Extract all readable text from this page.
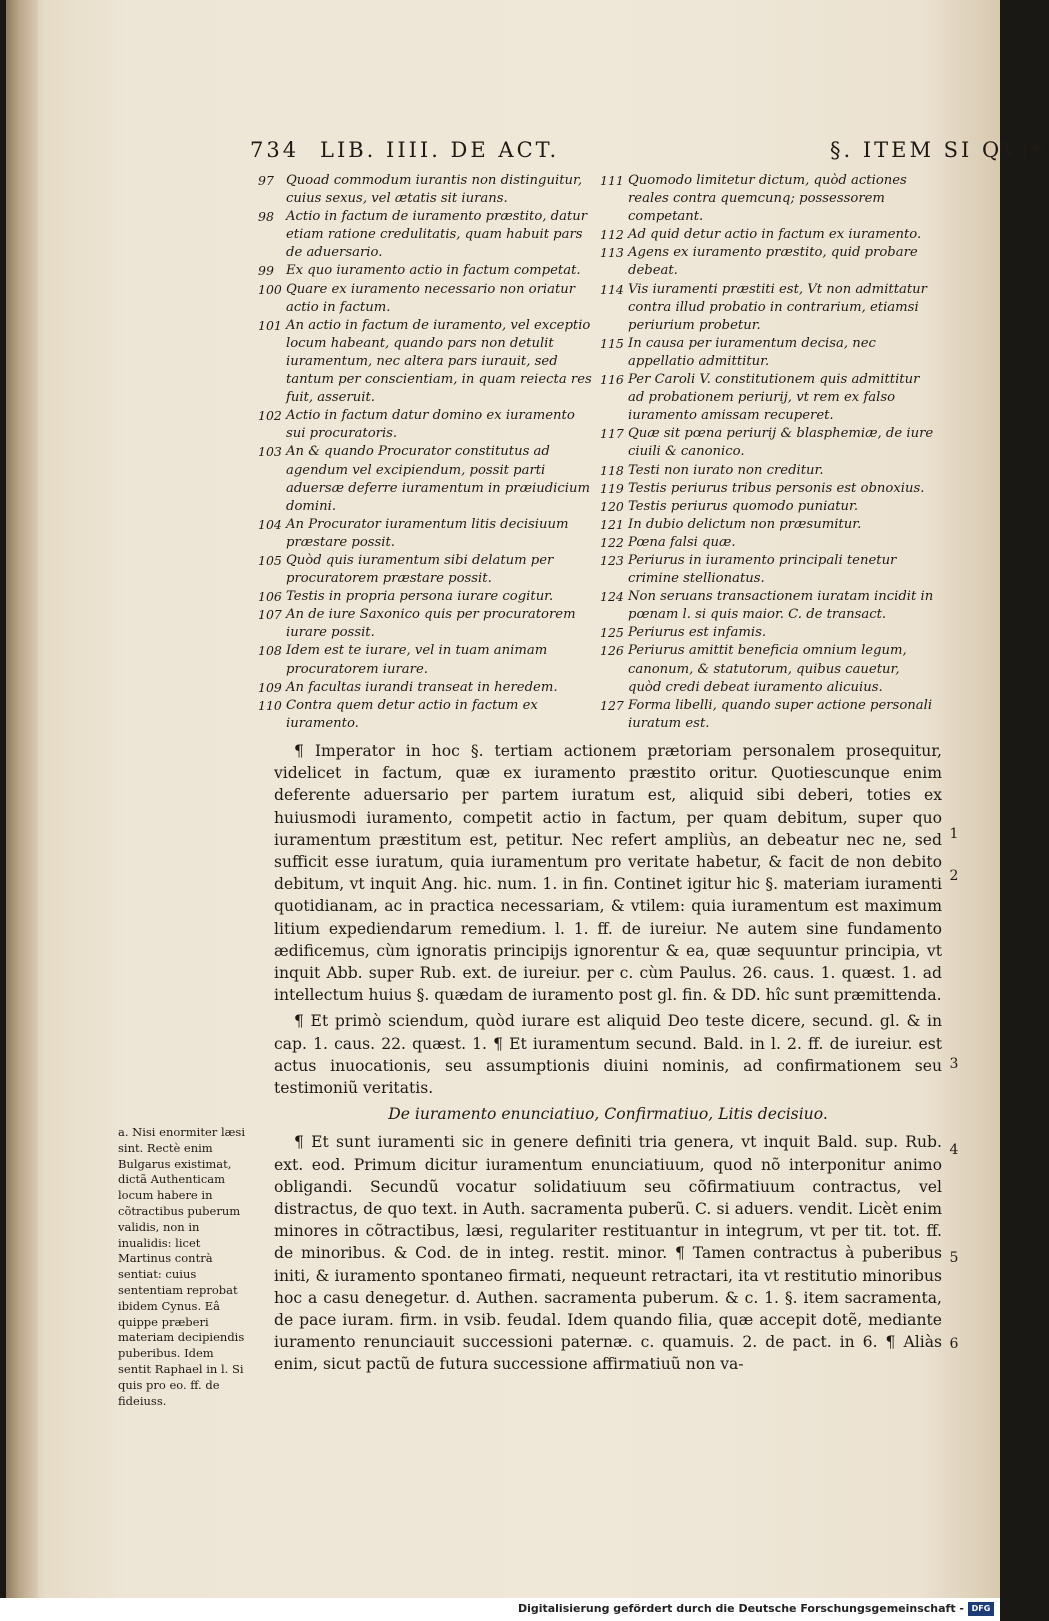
734 LIB. IIII. DE ACT.	§. ITEM SI QVIS
97 Quoad commodum iurantis non distinguitur, cuius sexus, vel ætatis sit iurans.
98 Actio in factum de iuramento præstito, datur etiam ratione credulitatis, quam habuit pars de aduersario.
99 Ex quo iuramento actio in factum competat.
100 Quare ex iuramento necessario non oriatur actio in factum.
101 An actio in factum de iuramento, vel exceptio locum habeant, quando pars non detulit iuramentum, nec altera pars iurauit, sed tantum per conscientiam, in quam reiecta res fuit, asseruit.
102 Actio in factum datur domino ex iuramento sui procuratoris.
103 An & quando Procurator constitutus ad agendum vel excipiendum, possit parti aduersæ deferre iuramentum in præiudicium domini.
104 An Procurator iuramentum litis decisiuum præstare possit.
105 Quòd quis iuramentum sibi delatum per procuratorem præstare possit.
106 Testis in propria persona iurare cogitur.
107 An de iure Saxonico quis per procuratorem iurare possit.
108 Idem est te iurare, vel in tuam animam procuratorem iurare.
109 An facultas iurandi transeat in heredem.
110 Contra quem detur actio in factum ex iuramento.
111 Quomodo limitetur dictum, quòd actiones reales contra quemcunq; possessorem competant.
112 Ad quid detur actio in factum ex iuramento.
113 Agens ex iuramento præstito, quid probare debeat.
114 Vis iuramenti præstiti est, Vt non admittatur contra illud probatio in contrarium, etiamsi periurium probetur.
115 In causa per iuramentum decisa, nec appellatio admittitur.
116 Per Caroli V. constitutionem quis admittitur ad probationem periurij, vt rem ex falso iuramento amissam recuperet.
117 Quæ sit pœna periurij & blasphemiæ, de iure ciuili & canonico.
118 Testi non iurato non creditur.
119 Testis periurus tribus personis est obnoxius.
120 Testis periurus quomodo puniatur.
121 In dubio delictum non præsumitur.
122 Pœna falsi quæ.
123 Periurus in iuramento principali tenetur crimine stellionatus.
124 Non seruans transactionem iuratam incidit in pœnam l. si quis maior. C. de transact.
125 Periurus est infamis.
126 Periurus amittit beneficia omnium legum, canonum, & statutorum, quibus cauetur, quòd credi debeat iuramento alicuius.
127 Forma libelli, quando super actione personali iuratum est.

¶ Imperator in hoc §. tertiam actionem prætoriam personalem prosequitur, videlicet in factum, quæ ex iuramento præstito oritur. Quotiescunque enim deferente aduersario per partem iuratum est, aliquid sibi deberi, toties ex huiusmodi iuramento, competit actio in factum, per quam debitum, super quo iuramentum præstitum est, petitur. Nec refert ampliùs, an debeatur nec ne, sed sufficit esse iuratum, quia iuramentum pro veritate habetur, & facit de non debito debitum, vt inquit Ang. hic. num. 1. in fin. Continet igitur hic §. materiam iuramenti quotidianam, ac in practica necessariam, & vtilem: quia iuramentum est maximum litium expediendarum remedium. l. 1. ff. de iureiur. Ne autem sine fundamento ædificemus, cùm ignoratis principijs ignorentur & ea, quæ sequuntur principia, vt inquit Abb. super Rub. ext. de iureiur. per c. cùm Paulus. 26. caus. 1. quæst. 1. ad intellectum huius §. quædam de iuramento post gl. fin. & DD. hîc sunt præmittenda.

¶ Et primò sciendum, quòd iurare est aliquid Deo teste dicere, secund. gl. & in cap. 1. caus. 22. quæst. 1. ¶ Et iuramentum secund. Bald. in l. 2. ff. de iureiur. est actus inuocationis, seu assumptionis diuini nominis, ad confirmationem seu testimoniũ veritatis.

De iuramento enunciatiuo, Confirmatiuo, Litis decisiuo.

¶ Et sunt iuramenti sic in genere definiti tria genera, vt inquit Bald. sup. Rub. ext. eod. Primum dicitur iuramentum enunciatiuum, quod nõ interponitur animo obligandi. Secundũ vocatur solidatiuum seu cõfirmatiuum contractus, vel distractus, de quo text. in Auth. sacramenta puberũ. C. si aduers. vendit. Licèt enim minores in cõtractibus, læsi, regulariter restituantur in integrum, vt per tit. tot. ff. de minoribus. & Cod. de in integ. restit. minor. ¶ Tamen contractus à puberibus initi, & iuramento spontaneo firmati, nequeunt retractari, ita vt restitutio minoribus hoc a casu denegetur. d. Authen. sacramenta puberum. & c. 1. §. item sacramenta, de pace iuram. firm. in vsib. feudal. Idem quando filia, quæ accepit dotẽ, mediante iuramento renunciauit successioni paternæ. c. quamuis. 2. de pact. in 6. ¶ Aliàs enim, sicut pactũ de futura successione affirmatiuũ non va-

a. Nisi enormiter læsi sint. Rectè enim Bulgarus existimat, dictã Authenticam locum habere in cõtractibus puberum validis, non in inualidis: licet Martinus contrà sentiat: cuius sententiam reprobat ibidem Cynus. Eâ quippe præberi materiam decipiendis puberibus. Idem sentit Raphael in l. Si quis pro eo. ff. de fideiuss.
1
2
3
4
5
6
Digitalisierung gefördert durch die Deutsche Forschungsgemeinschaft - DFG
